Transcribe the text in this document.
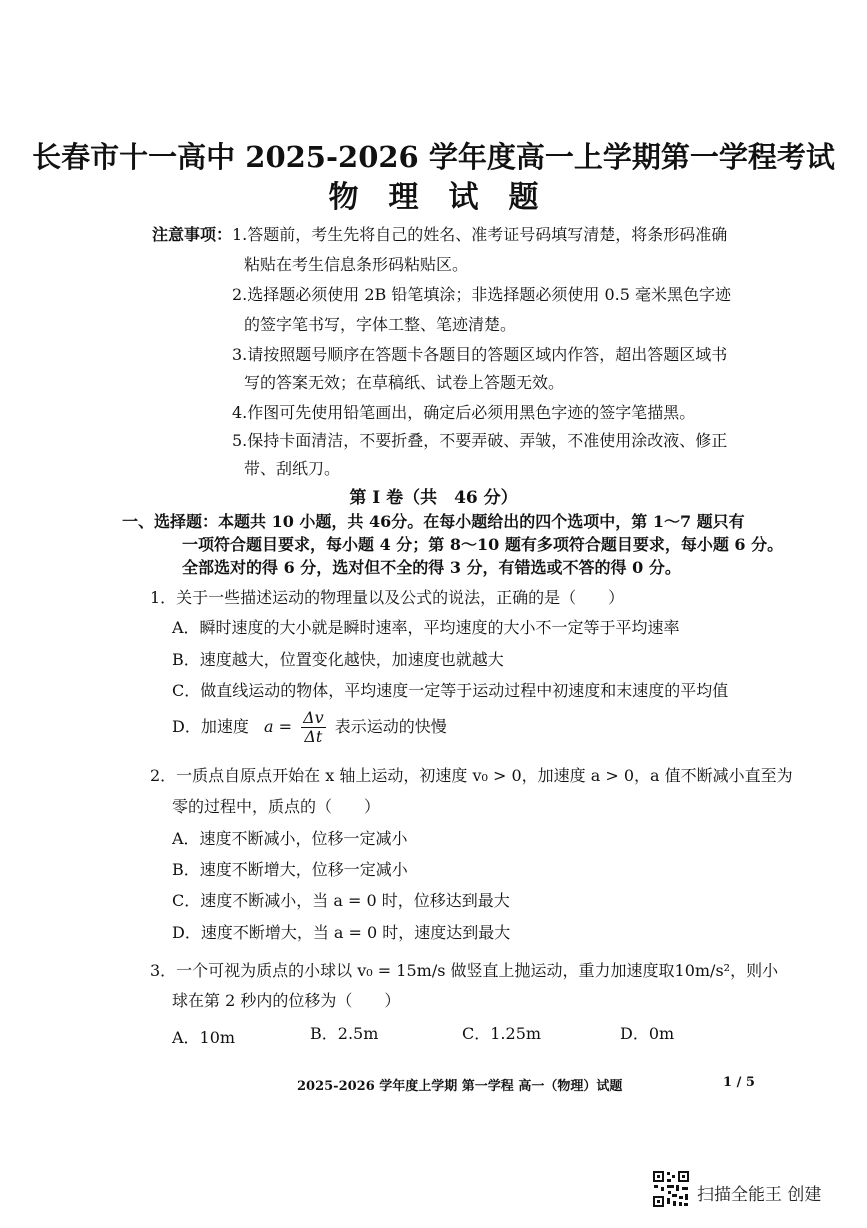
长春市十一高中 2025-2026 学年度高一上学期第一学程考试
物理试题
注意事项： 1.答题前，考生先将自己的姓名、准考证号码填写清楚，将条形码准确
粘贴在考生信息条形码粘贴区。
2.选择题必须使用 2B 铅笔填涂；非选择题必须使用 0.5 毫米黑色字迹
的签字笔书写，字体工整、笔迹清楚。
3.请按照题号顺序在答题卡各题目的答题区域内作答，超出答题区域书
写的答案无效；在草稿纸、试卷上答题无效。
4.作图可先使用铅笔画出，确定后必须用黑色字迹的签字笔描黑。
5.保持卡面清洁，不要折叠，不要弄破、弄皱，不准使用涂改液、修正
带、刮纸刀。
第 Ⅰ 卷（共　46 分）
一、选择题：本题共 10 小题，共 46分。在每小题给出的四个选项中，第 1～7 题只有
一项符合题目要求，每小题 4 分；第 8～10 题有多项符合题目要求，每小题 6 分。
全部选对的得 6 分，选对但不全的得 3 分，有错选或不答的得 0 分。
1．关于一些描述运动的物理量以及公式的说法，正确的是（　　）
A．瞬时速度的大小就是瞬时速率，平均速度的大小不一定等于平均速率
B．速度越大，位置变化越快，加速度也就越大
C．做直线运动的物体，平均速度一定等于运动过程中初速度和末速度的平均值
D．加速度 $a = \frac{\Delta v}{\Delta t}$ 表示运动的快慢
2．一质点自原点开始在 x 轴上运动，初速度 v₀ > 0，加速度 a > 0，a 值不断减小直至为
零的过程中，质点的（　　）
A．速度不断减小，位移一定减小
B．速度不断增大，位移一定减小
C．速度不断减小，当 a = 0 时，位移达到最大
D．速度不断增大，当 a = 0 时，速度达到最大
3．一个可视为质点的小球以 v₀ = 15m/s 做竖直上抛运动，重力加速度取10m/s²，则小
球在第 2 秒内的位移为（　　）
A．10m	B．2.5m	C．1.25m	D．0m
2025-2026 学年度上学期 第一学程 高一（物理）试题	1 / 5
扫描全能王 创建
